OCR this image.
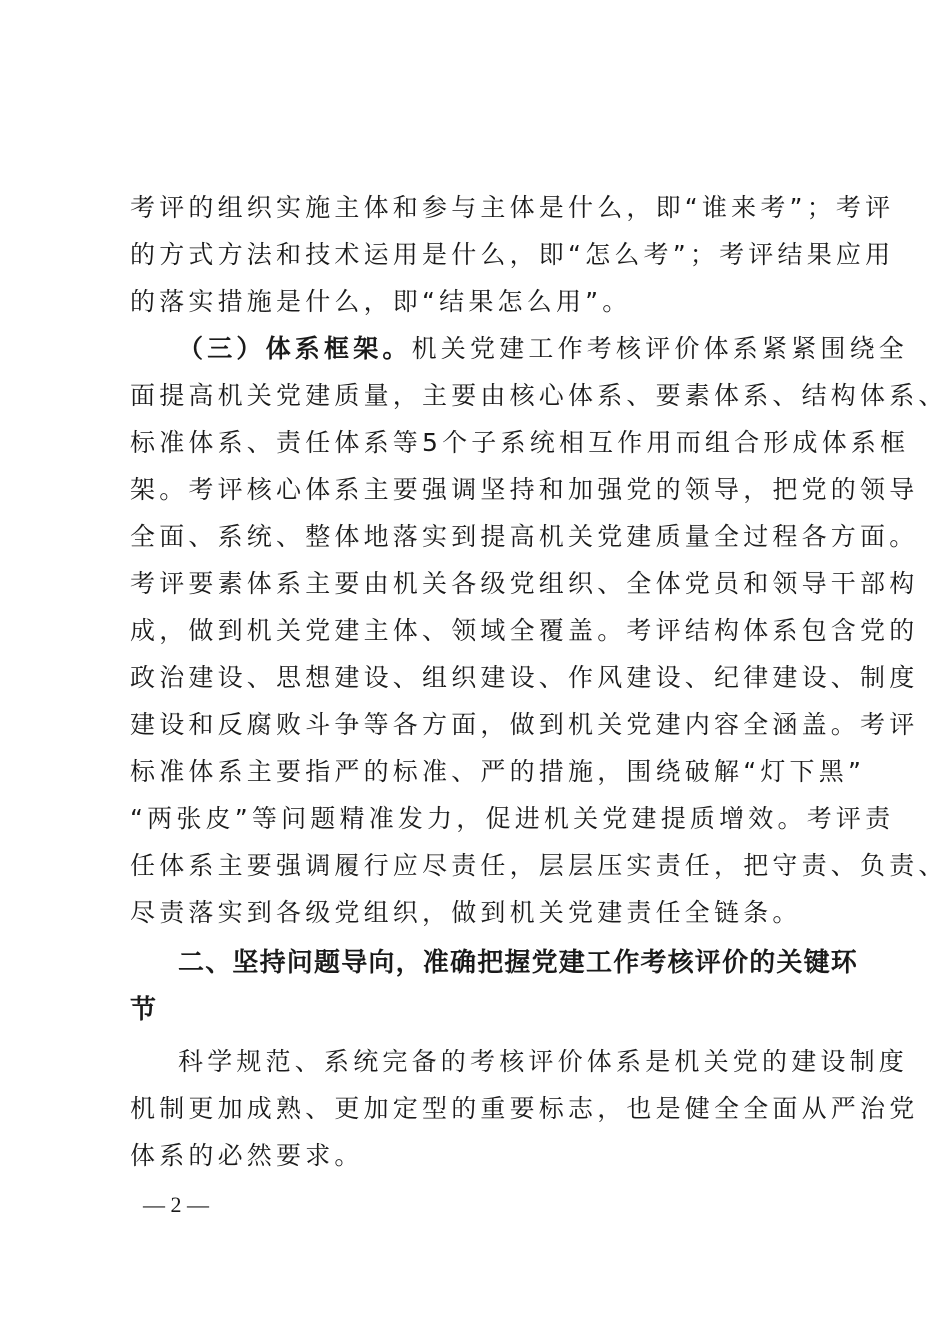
考评的组织实施主体和参与主体是什么，即“谁来考”；考评
的方式方法和技术运用是什么，即“怎么考”；考评结果应用
的落实措施是什么，即“结果怎么用”。
（三）体系框架。机关党建工作考核评价体系紧紧围绕全
面提高机关党建质量，主要由核心体系、要素体系、结构体系、
标准体系、责任体系等5个子系统相互作用而组合形成体系框
架。考评核心体系主要强调坚持和加强党的领导，把党的领导
全面、系统、整体地落实到提高机关党建质量全过程各方面。
考评要素体系主要由机关各级党组织、全体党员和领导干部构
成，做到机关党建主体、领域全覆盖。考评结构体系包含党的
政治建设、思想建设、组织建设、作风建设、纪律建设、制度
建设和反腐败斗争等各方面，做到机关党建内容全涵盖。考评
标准体系主要指严的标准、严的措施，围绕破解“灯下黑”
“两张皮”等问题精准发力，促进机关党建提质增效。考评责
任体系主要强调履行应尽责任，层层压实责任，把守责、负责、
尽责落实到各级党组织，做到机关党建责任全链条。
二、坚持问题导向，准确把握党建工作考核评价的关键环
节
科学规范、系统完备的考核评价体系是机关党的建设制度
机制更加成熟、更加定型的重要标志，也是健全全面从严治党
体系的必然要求。
— 2 —
